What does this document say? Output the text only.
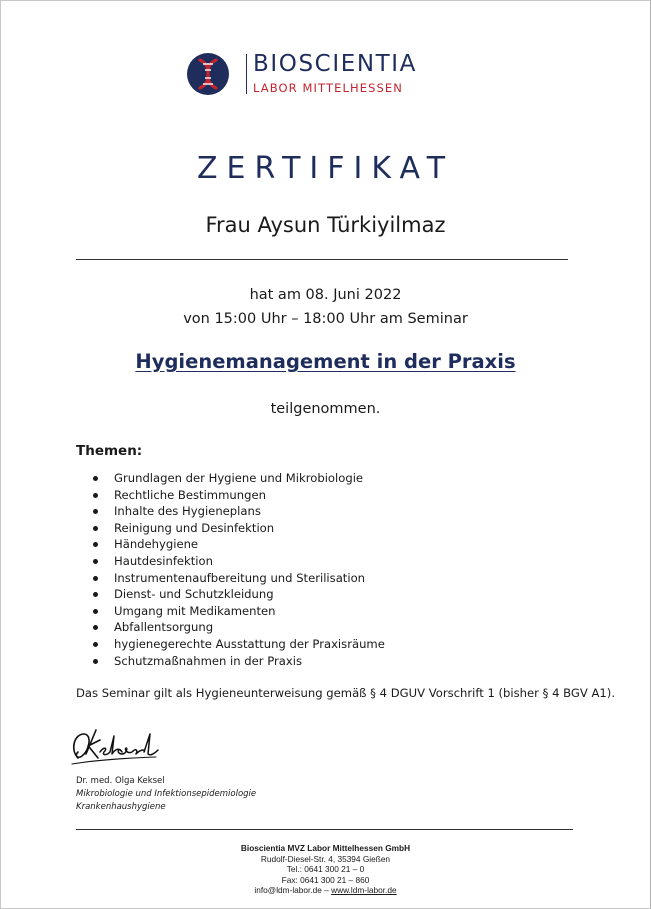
BIOSCIENTIA
LABOR MITTELHESSEN
ZERTIFIKAT
Frau Aysun Türkiyilmaz
hat am 08. Juni 2022
von 15:00 Uhr – 18:00 Uhr am Seminar
Hygienemanagement in der Praxis
teilgenommen.
Themen:
Grundlagen der Hygiene und Mikrobiologie
Rechtliche Bestimmungen
Inhalte des Hygieneplans
Reinigung und Desinfektion
Händehygiene
Hautdesinfektion
Instrumentenaufbereitung und Sterilisation
Dienst- und Schutzkleidung
Umgang mit Medikamenten
Abfallentsorgung
hygienegerechte Ausstattung der Praxisräume
Schutzmaßnahmen in der Praxis
Das Seminar gilt als Hygieneunterweisung gemäß § 4 DGUV Vorschrift 1 (bisher § 4 BGV A1).
Dr. med. Olga Keksel
Mikrobiologie und Infektionsepidemiologie
Krankenhaushygiene
Bioscientia MVZ Labor Mittelhessen GmbH
Rudolf-Diesel-Str. 4, 35394 Gießen
Tel.: 0641 300 21 – 0
Fax: 0641 300 21 – 860
info@ldm-labor.de – www.ldm-labor.de
